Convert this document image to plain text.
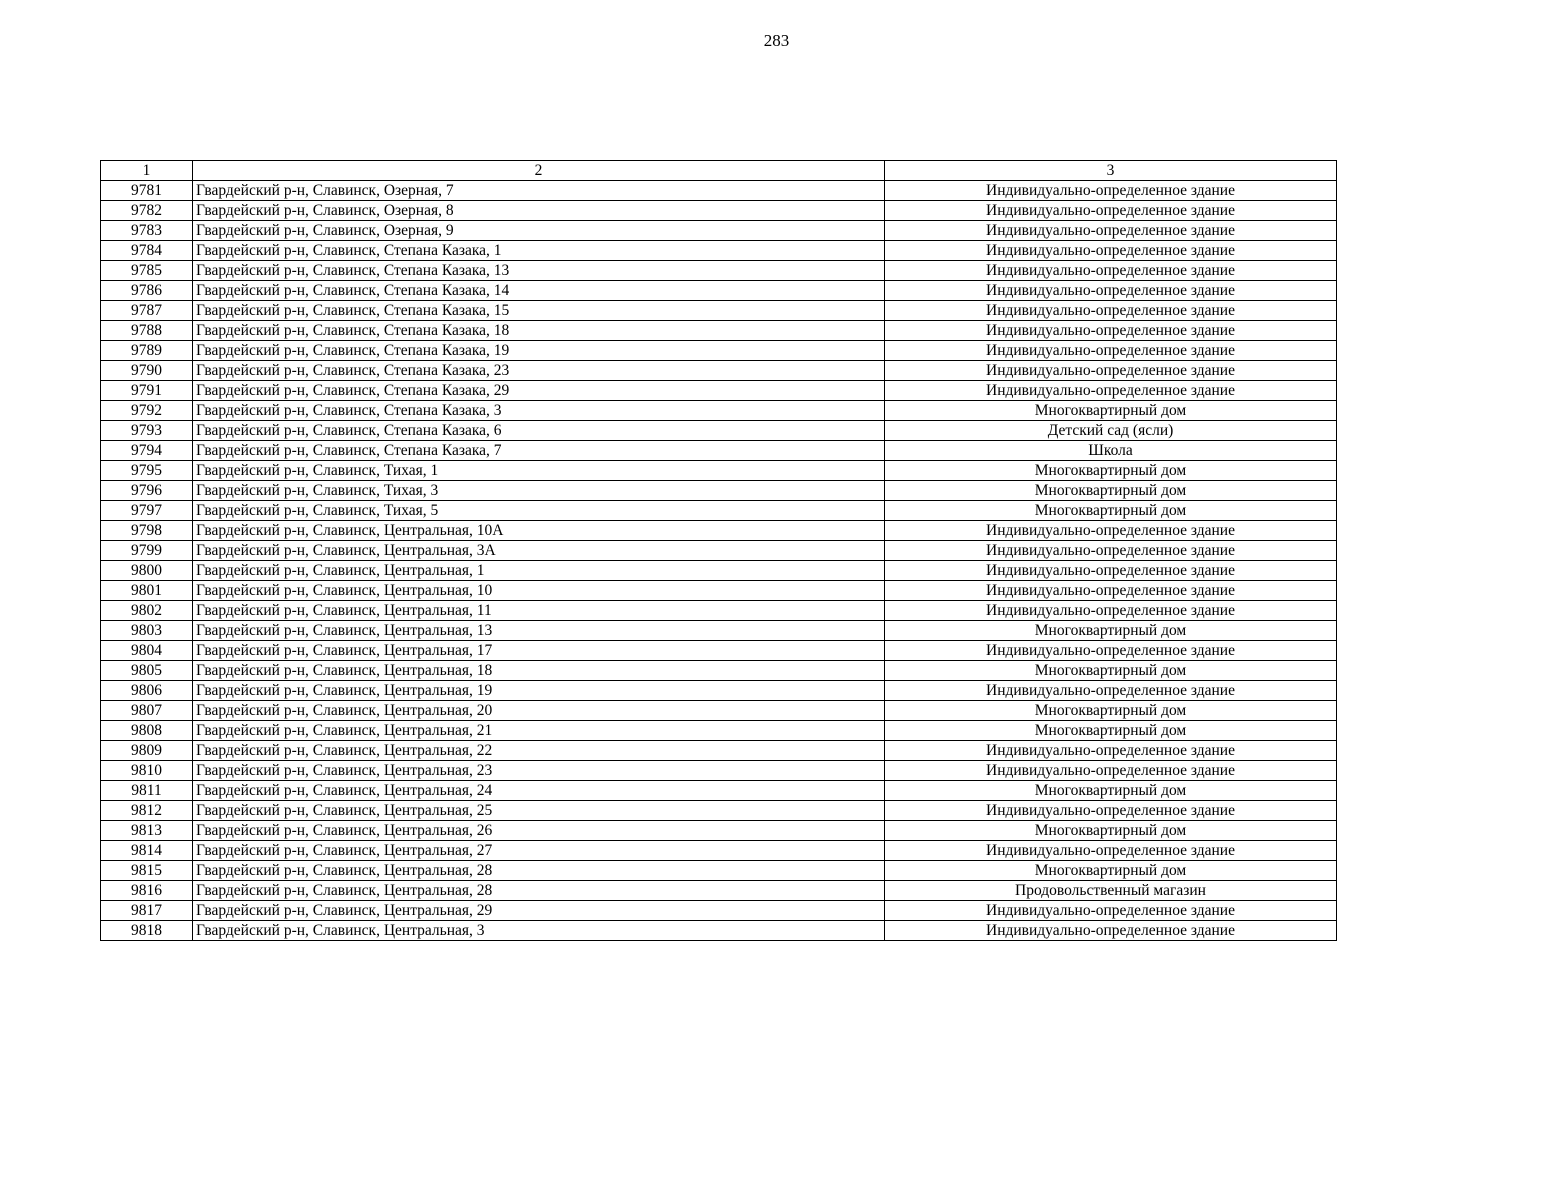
283
1	2	3
9781	Гвардейский р-н, Славинск, Озерная, 7	Индивидуально-определенное здание
9782	Гвардейский р-н, Славинск, Озерная, 8	Индивидуально-определенное здание
9783	Гвардейский р-н, Славинск, Озерная, 9	Индивидуально-определенное здание
9784	Гвардейский р-н, Славинск, Степана Казака, 1	Индивидуально-определенное здание
9785	Гвардейский р-н, Славинск, Степана Казака, 13	Индивидуально-определенное здание
9786	Гвардейский р-н, Славинск, Степана Казака, 14	Индивидуально-определенное здание
9787	Гвардейский р-н, Славинск, Степана Казака, 15	Индивидуально-определенное здание
9788	Гвардейский р-н, Славинск, Степана Казака, 18	Индивидуально-определенное здание
9789	Гвардейский р-н, Славинск, Степана Казака, 19	Индивидуально-определенное здание
9790	Гвардейский р-н, Славинск, Степана Казака, 23	Индивидуально-определенное здание
9791	Гвардейский р-н, Славинск, Степана Казака, 29	Индивидуально-определенное здание
9792	Гвардейский р-н, Славинск, Степана Казака, 3	Многоквартирный дом
9793	Гвардейский р-н, Славинск, Степана Казака, 6	Детский сад (ясли)
9794	Гвардейский р-н, Славинск, Степана Казака, 7	Школа
9795	Гвардейский р-н, Славинск, Тихая, 1	Многоквартирный дом
9796	Гвардейский р-н, Славинск, Тихая, 3	Многоквартирный дом
9797	Гвардейский р-н, Славинск, Тихая, 5	Многоквартирный дом
9798	Гвардейский р-н, Славинск, Центральная, 10А	Индивидуально-определенное здание
9799	Гвардейский р-н, Славинск, Центральная, 3А	Индивидуально-определенное здание
9800	Гвардейский р-н, Славинск, Центральная, 1	Индивидуально-определенное здание
9801	Гвардейский р-н, Славинск, Центральная, 10	Индивидуально-определенное здание
9802	Гвардейский р-н, Славинск, Центральная, 11	Индивидуально-определенное здание
9803	Гвардейский р-н, Славинск, Центральная, 13	Многоквартирный дом
9804	Гвардейский р-н, Славинск, Центральная, 17	Индивидуально-определенное здание
9805	Гвардейский р-н, Славинск, Центральная, 18	Многоквартирный дом
9806	Гвардейский р-н, Славинск, Центральная, 19	Индивидуально-определенное здание
9807	Гвардейский р-н, Славинск, Центральная, 20	Многоквартирный дом
9808	Гвардейский р-н, Славинск, Центральная, 21	Многоквартирный дом
9809	Гвардейский р-н, Славинск, Центральная, 22	Индивидуально-определенное здание
9810	Гвардейский р-н, Славинск, Центральная, 23	Индивидуально-определенное здание
9811	Гвардейский р-н, Славинск, Центральная, 24	Многоквартирный дом
9812	Гвардейский р-н, Славинск, Центральная, 25	Индивидуально-определенное здание
9813	Гвардейский р-н, Славинск, Центральная, 26	Многоквартирный дом
9814	Гвардейский р-н, Славинск, Центральная, 27	Индивидуально-определенное здание
9815	Гвардейский р-н, Славинск, Центральная, 28	Многоквартирный дом
9816	Гвардейский р-н, Славинск, Центральная, 28	Продовольственный магазин
9817	Гвардейский р-н, Славинск, Центральная, 29	Индивидуально-определенное здание
9818	Гвардейский р-н, Славинск, Центральная, 3	Индивидуально-определенное здание
